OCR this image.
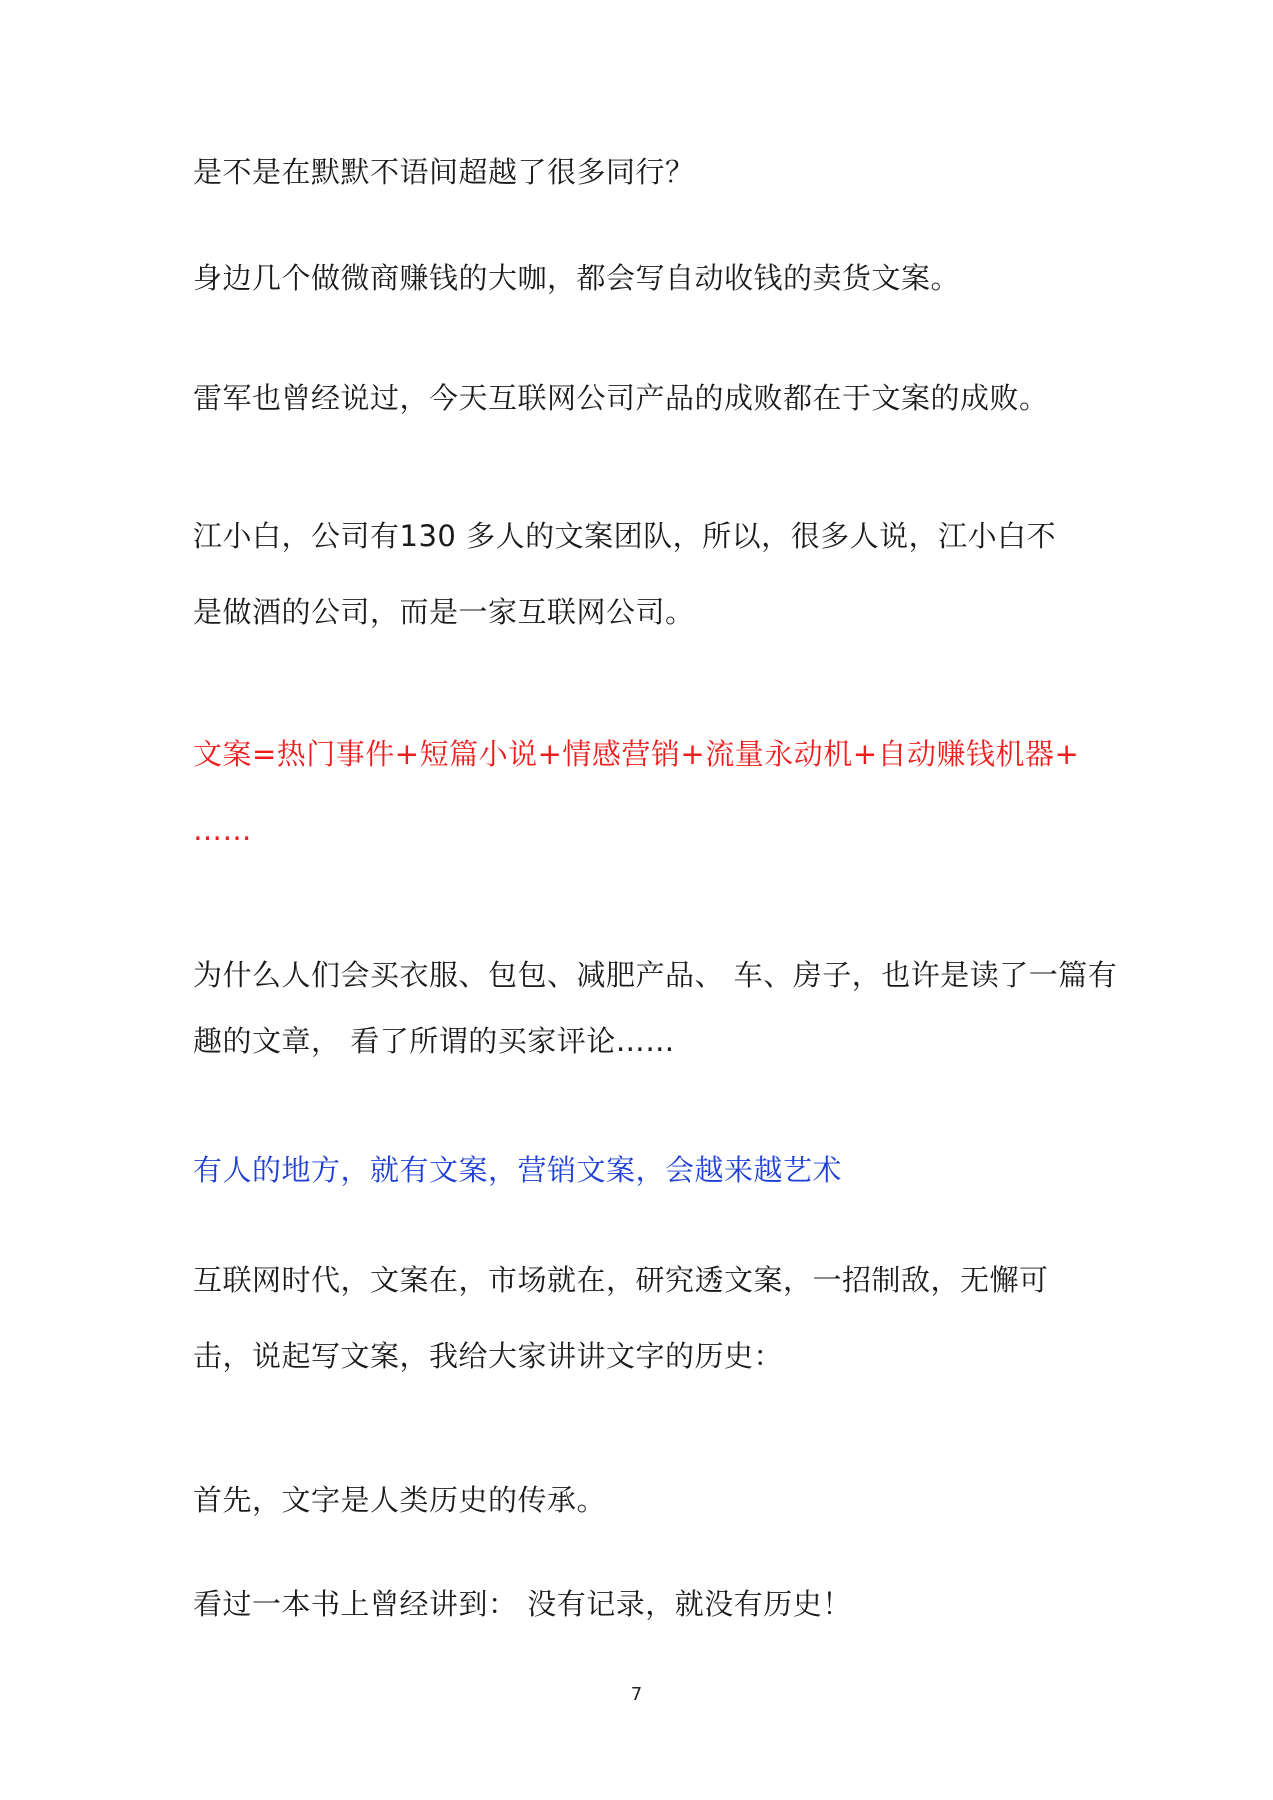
是不是在默默不语间超越了很多同行？
身边几个做微商赚钱的大咖，都会写自动收钱的卖货文案。
雷军也曾经说过，今天互联网公司产品的成败都在于文案的成败。
江小白，公司有130 多人的文案团队，所以，很多人说，江小白不
是做酒的公司，而是一家互联网公司。
文案=热门事件+短篇小说+情感营销+流量永动机+自动赚钱机器+
……
为什么人们会买衣服、包包、减肥产品、 车、房子，也许是读了一篇有
趣的文章， 看了所谓的买家评论……
有人的地方，就有文案，营销文案，会越来越艺术
互联网时代，文案在，市场就在，研究透文案，一招制敌，无懈可
击，说起写文案，我给大家讲讲文字的历史：
首先，文字是人类历史的传承。
看过一本书上曾经讲到： 没有记录，就没有历史！
7
